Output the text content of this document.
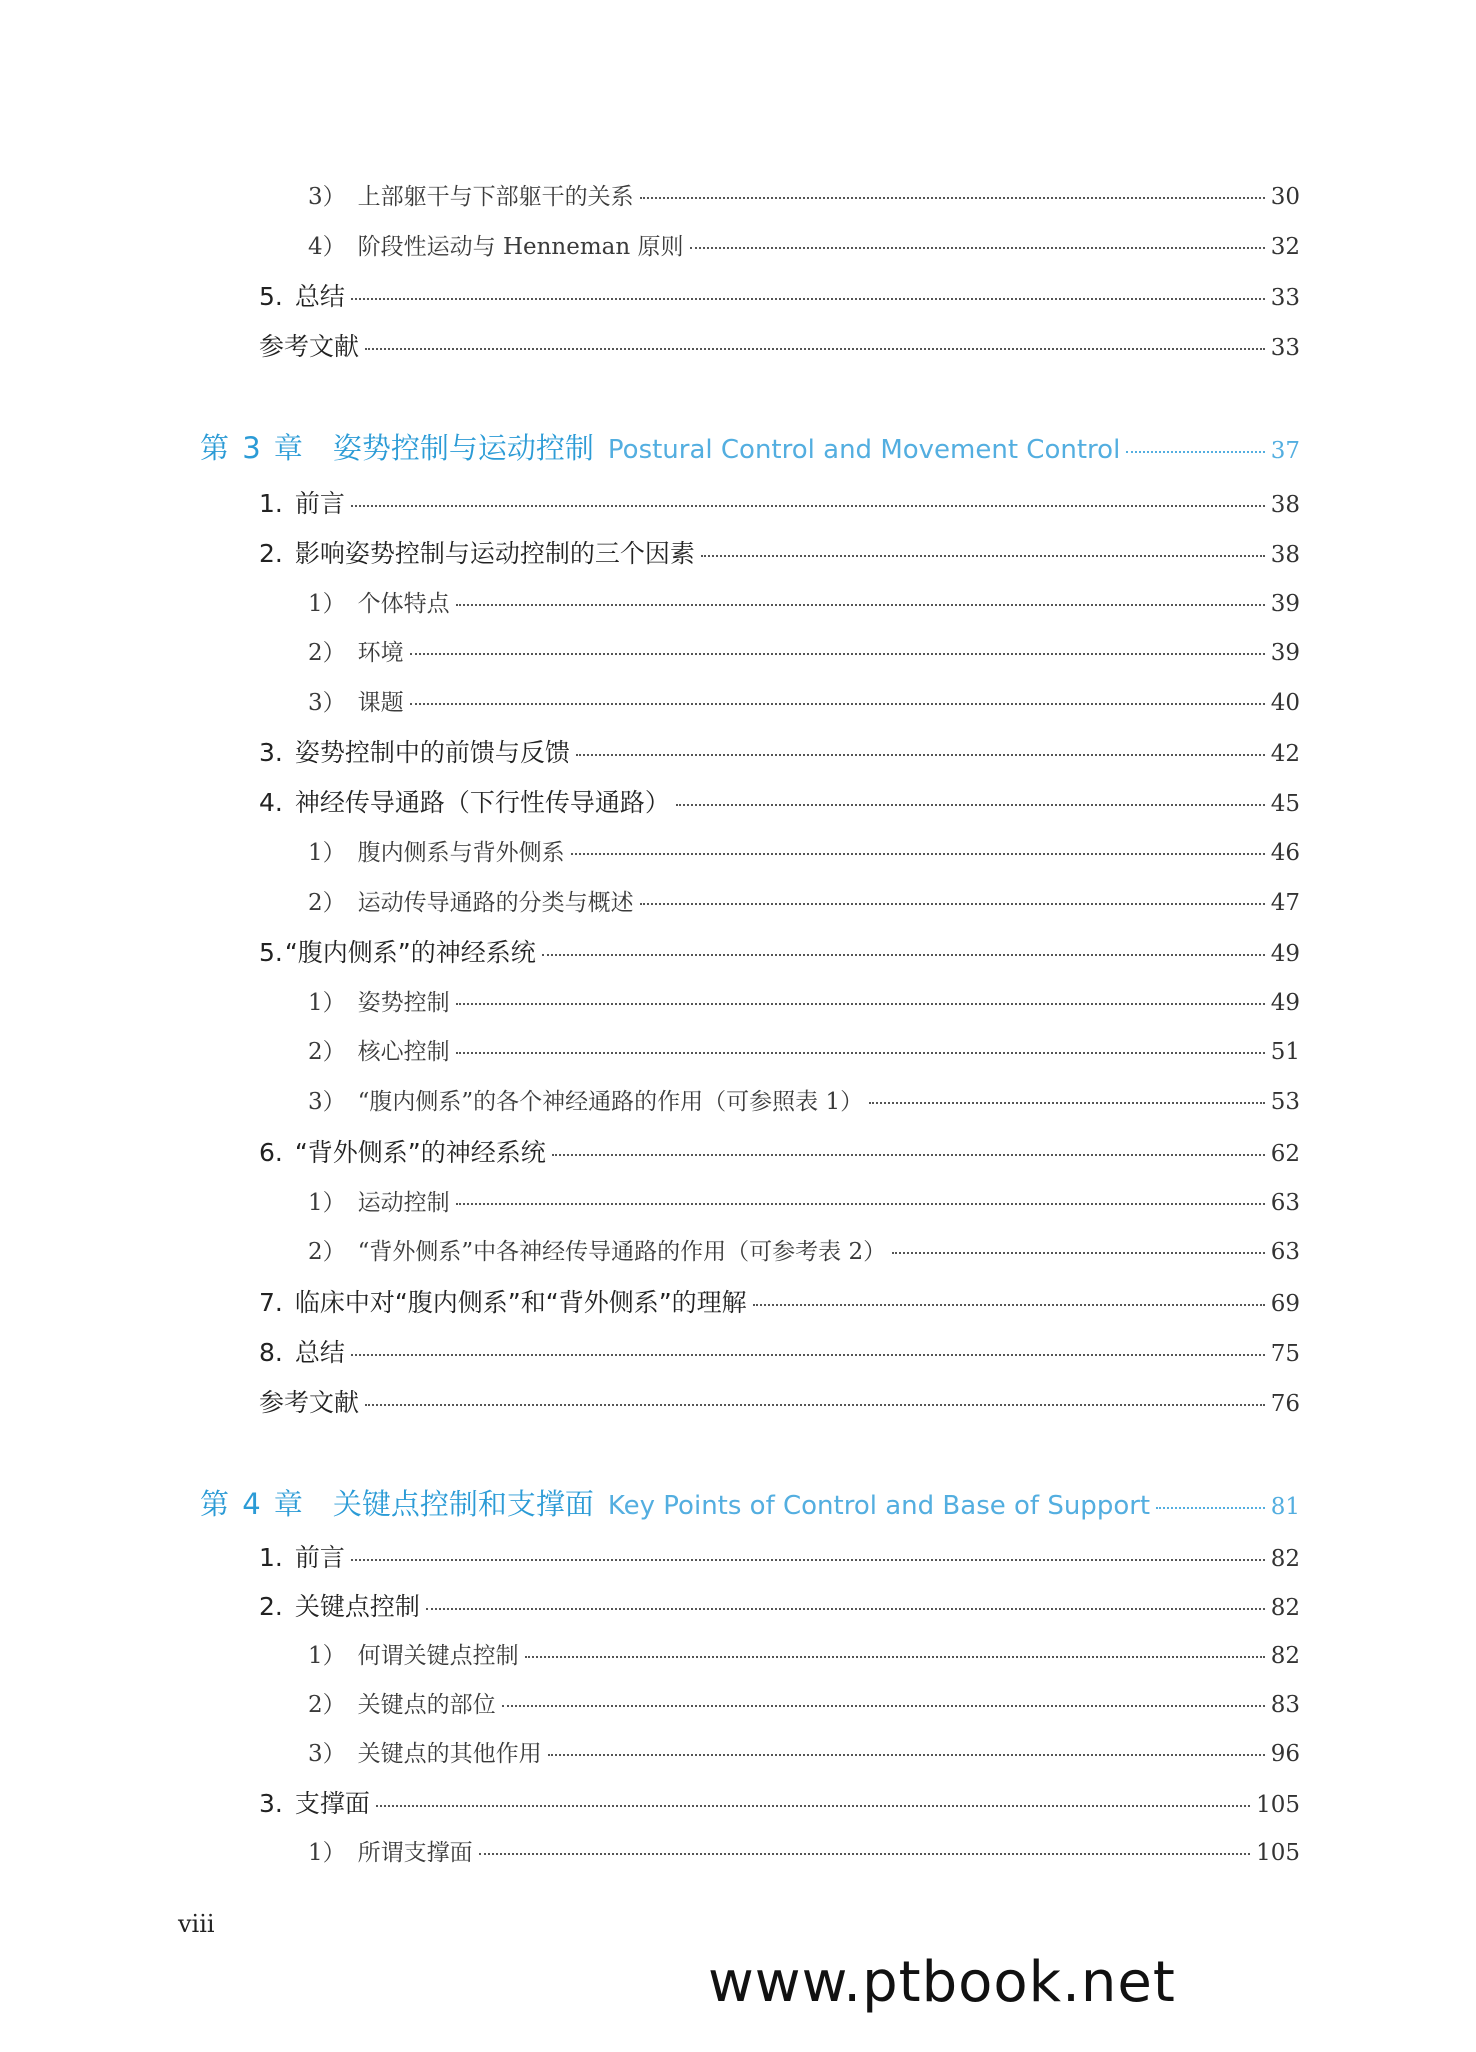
3） 上部躯干与下部躯干的关系	30
4） 阶段性运动与 Henneman 原则	32
5. 总结	33
参考文献	33
第 3 章 姿势控制与运动控制 Postural Control and Movement Control	37
1. 前言	38
2. 影响姿势控制与运动控制的三个因素	38
1） 个体特点	39
2） 环境	39
3） 课题	40
3. 姿势控制中的前馈与反馈	42
4. 神经传导通路（下行性传导通路）	45
1） 腹内侧系与背外侧系	46
2） 运动传导通路的分类与概述	47
5. “腹内侧系”的神经系统	49
1） 姿势控制	49
2） 核心控制	51
3） “腹内侧系”的各个神经通路的作用（可参照表 1）	53
6. “背外侧系”的神经系统	62
1） 运动控制	63
2） “背外侧系”中各神经传导通路的作用（可参考表 2）	63
7. 临床中对“腹内侧系”和“背外侧系”的理解	69
8. 总结	75
参考文献	76
第 4 章 关键点控制和支撑面 Key Points of Control and Base of Support	81
1. 前言	82
2. 关键点控制	82
1） 何谓关键点控制	82
2） 关键点的部位	83
3） 关键点的其他作用	96
3. 支撑面	105
1） 所谓支撑面	105
viii
www.ptbook.net
